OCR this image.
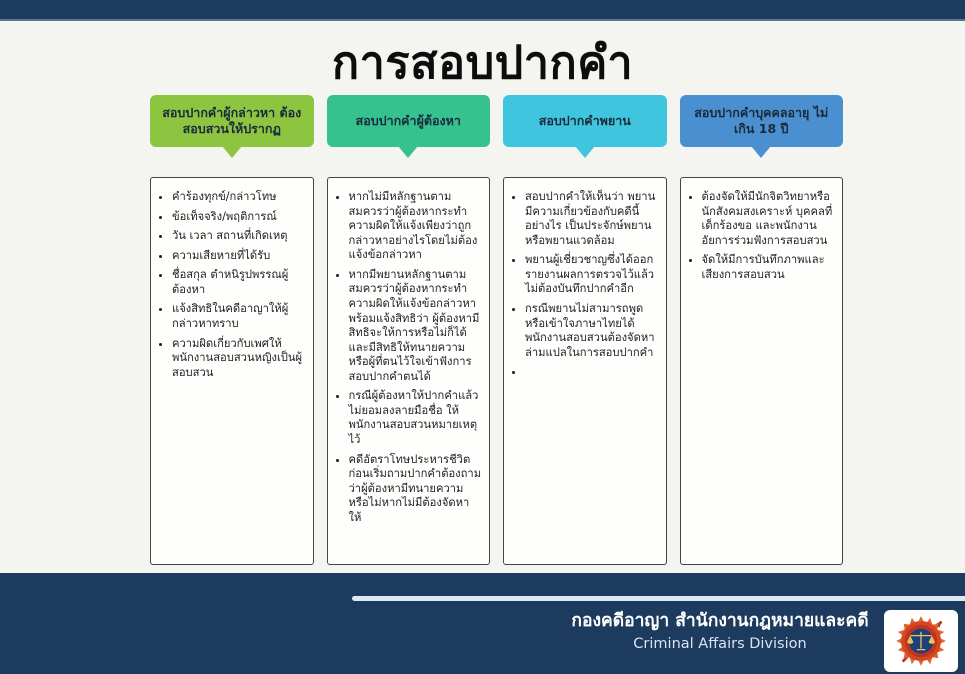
การสอบปากคำ
สอบปากคำผู้กล่าวหา ต้องสอบสวนให้ปรากฏ
• คำร้องทุกข์/กล่าวโทษ
• ข้อเท็จจริง/พฤติการณ์
• วัน เวลา สถานที่เกิดเหตุ
• ความเสียหายที่ได้รับ
• ชื่อสกุล ตำหนิรูปพรรณผู้ต้องหา
• แจ้งสิทธิในคดีอาญาให้ผู้กล่าวหาทราบ
• ความผิดเกี่ยวกับเพศให้พนักงานสอบสวนหญิงเป็นผู้สอบสวน
สอบปากคำผู้ต้องหา
• หากไม่มีหลักฐานตามสมควรว่าผู้ต้องหากระทำความผิดให้แจ้งเพียงว่าถูกกล่าวหาอย่างไรโดยไม่ต้องแจ้งข้อกล่าวหา
• หากมีพยานหลักฐานตามสมควรว่าผู้ต้องหากระทำความผิดให้แจ้งข้อกล่าวหาพร้อมแจ้งสิทธิว่า ผู้ต้องหามีสิทธิจะให้การหรือไม่ก็ได้ และมีสิทธิให้ทนายความหรือผู้ที่ตนไว้ใจเข้าฟังการสอบปากคำตนได้
• กรณีผู้ต้องหาให้ปากคำแล้วไม่ยอมลงลายมือชื่อ ให้พนักงานสอบสวนหมายเหตุไว้
• คดีอัตราโทษประหารชีวิต ก่อนเริ่มถามปากคำต้องถามว่าผู้ต้องหามีทนายความหรือไม่หากไม่มีต้องจัดหาให้
สอบปากคำพยาน
• สอบปากคำให้เห็นว่า พยานมีความเกี่ยวข้องกับคดีนี้อย่างไร เป็นประจักษ์พยานหรือพยานแวดล้อม
• พยานผู้เชี่ยวชาญซึ่งได้ออกรายงานผลการตรวจไว้แล้ว ไม่ต้องบันทึกปากคำอีก
• กรณีพยานไม่สามารถพูดหรือเข้าใจภาษาไทยได้ พนักงานสอบสวนต้องจัดหาล่ามแปลในการสอบปากคำ
•
สอบปากคำบุคคลอายุ ไม่เกิน 18 ปี
• ต้องจัดให้มีนักจิตวิทยาหรือนักสังคมสงเคราะห์ บุคคลที่เด็กร้องขอ และพนักงานอัยการร่วมฟังการสอบสวน
• จัดให้มีการบันทึกภาพและเสียงการสอบสวน
กองคดีอาญา สำนักงานกฎหมายและคดี
Criminal Affairs Division
